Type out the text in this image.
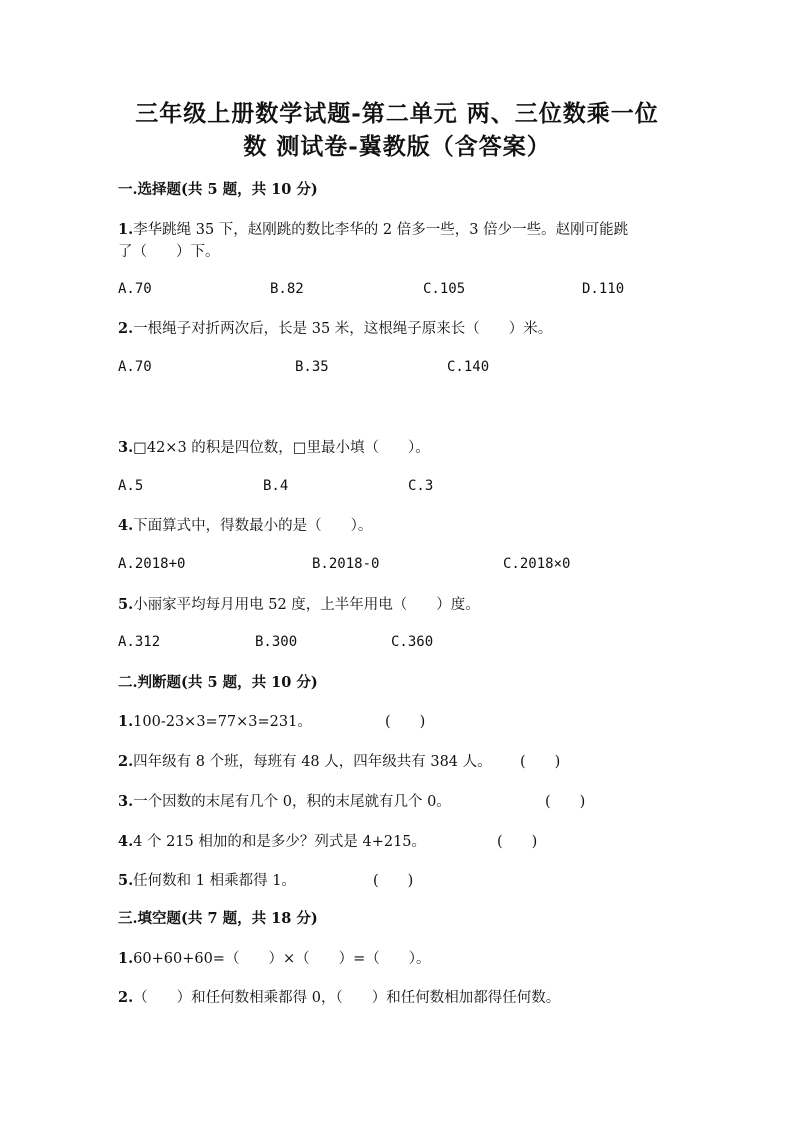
三年级上册数学试题-第二单元 两、三位数乘一位
数 测试卷-冀教版（含答案）
一.选择题(共 5 题，共 10 分)
1.李华跳绳 35 下，赵刚跳的数比李华的 2 倍多一些，3 倍少一些。赵刚可能跳
了（　　）下。
A.70	B.82	C.105	D.110
2.一根绳子对折两次后，长是 35 米，这根绳子原来长（　　）米。
A.70	B.35	C.140
3.□42×3 的积是四位数，□里最小填（　　）。
A.5	B.4	C.3
4.下面算式中，得数最小的是（　　）。
A.2018+0	B.2018-0	C.2018×0
5.小丽家平均每月用电 52 度，上半年用电（　　）度。
A.312	B.300	C.360
二.判断题(共 5 题，共 10 分)
1.100-23×3=77×3=231。	(　　)
2.四年级有 8 个班，每班有 48 人，四年级共有 384 人。 (　　)
3.一个因数的末尾有几个 0，积的末尾就有几个 0。	(　　)
4.4 个 215 相加的和是多少？列式是 4+215。	(　　)
5.任何数和 1 相乘都得 1。	(　　)
三.填空题(共 7 题，共 18 分)
1.60+60+60=（　　）×（　　）=（　　）。
2.（　　）和任何数相乘都得 0，（　　）和任何数相加都得任何数。
